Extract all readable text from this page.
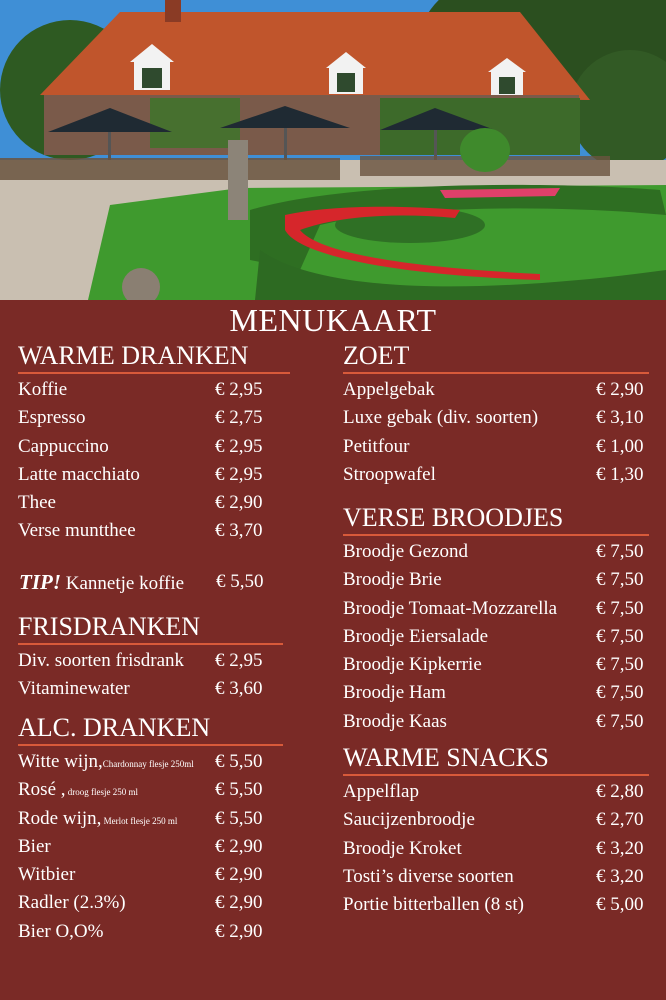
MENUKAART
WARME DRANKEN
Koffie	€ 2,95
Espresso	€ 2,75
Cappuccino	€ 2,95
Latte macchiato	€ 2,95
Thee	€ 2,90
Verse muntthee	€ 3,70
TIP! Kannetje koffie € 5,50
FRISDRANKEN
Div. soorten frisdrank € 2,95
Vitaminewater	€ 3,60
ALC. DRANKEN
Witte wijn,Chardonnay flesje 250ml € 5,50
Rosé , droog flesje 250 ml	€ 5,50
Rode wijn, Merlot flesje 250 ml € 5,50
Bier	€ 2,90
Witbier	€ 2,90
Radler (2.3%)	€ 2,90
Bier O,O%	€ 2,90
ZOET
Appelgebak	€ 2,90
Luxe gebak (div. soorten)	€ 3,10
Petitfour	€ 1,00
Stroopwafel	€ 1,30
VERSE BROODJES
Broodje Gezond	€ 7,50
Broodje Brie	€ 7,50
Broodje Tomaat-Mozzarella € 7,50
Broodje Eiersalade	€ 7,50
Broodje Kipkerrie	€ 7,50
Broodje Ham	€ 7,50
Broodje Kaas	€ 7,50
WARME SNACKS
Appelflap	€ 2,80
Saucijzenbroodje	€ 2,70
Broodje Kroket	€ 3,20
Tosti’s diverse soorten	€ 3,20
Portie bitterballen (8 st)	€ 5,00
